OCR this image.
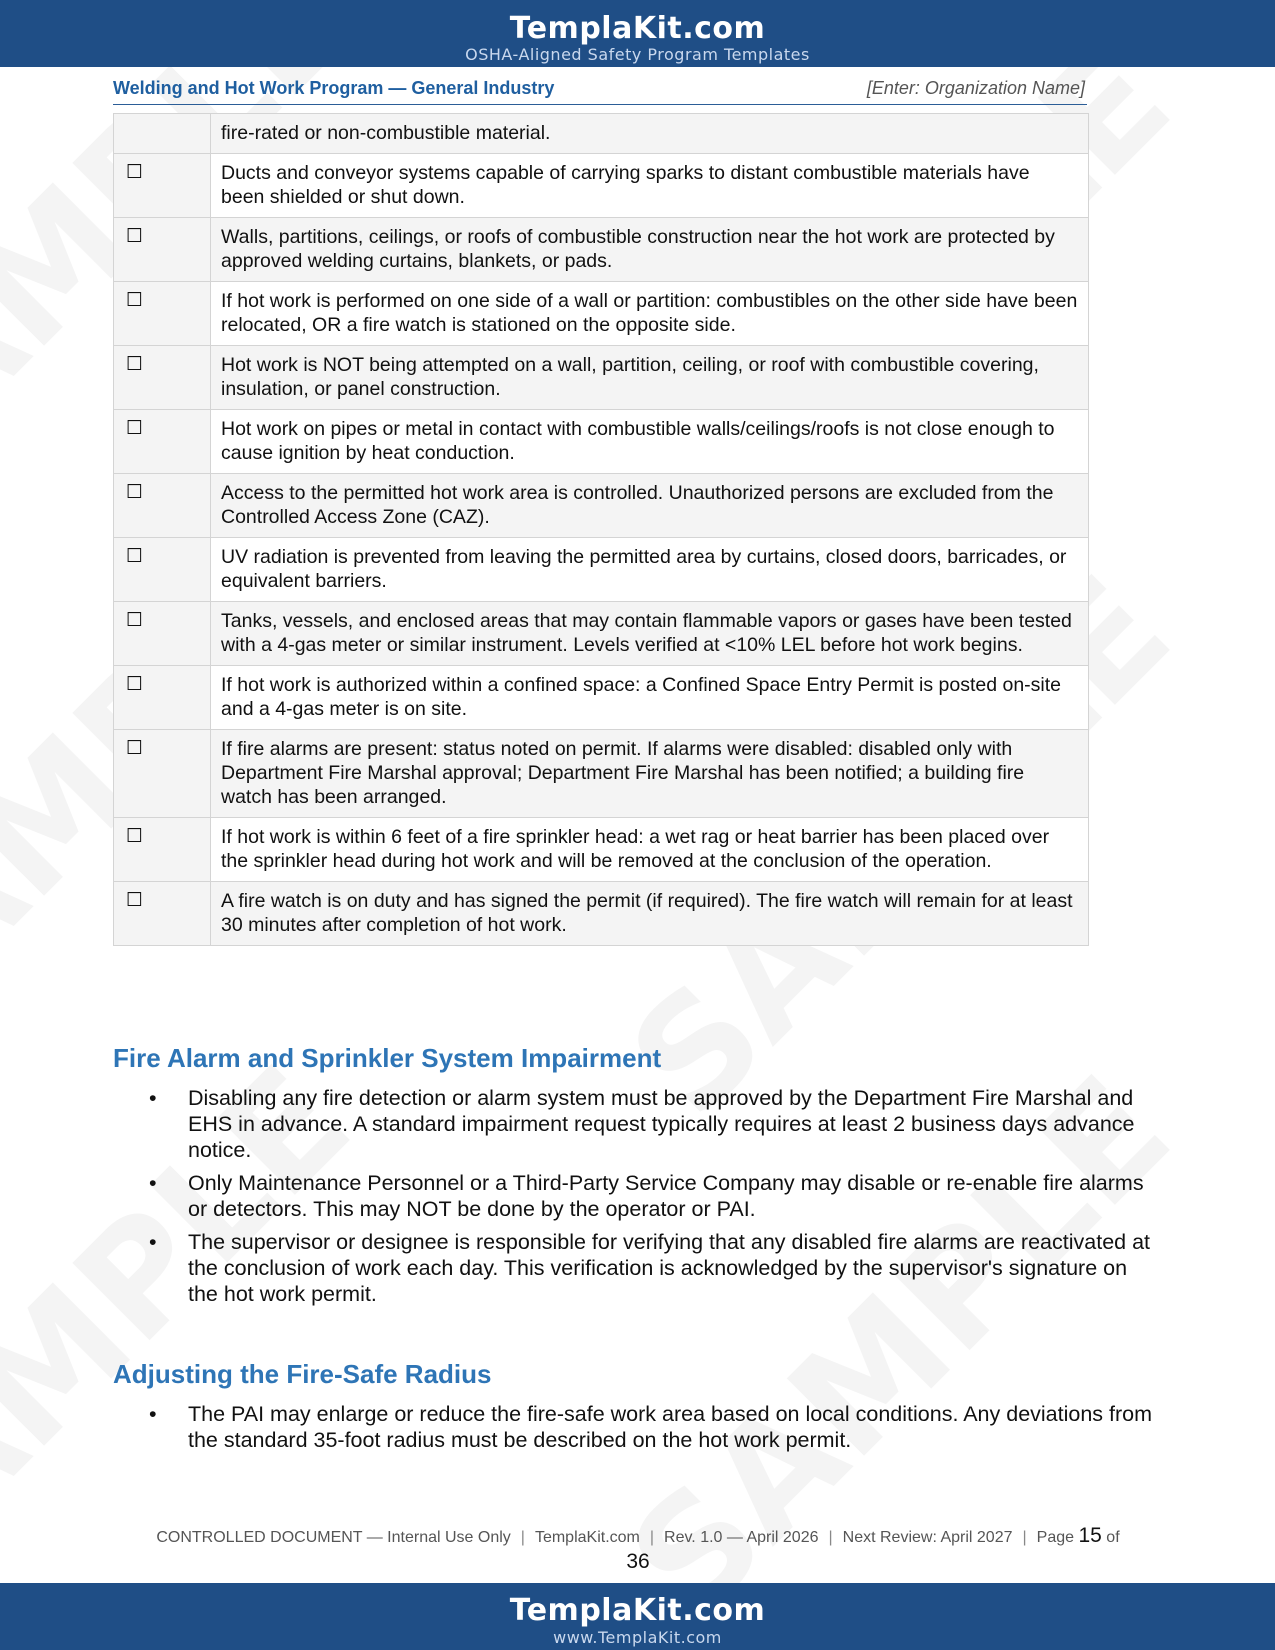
TemplaKit.com
OSHA-Aligned Safety Program Templates
Welding and Hot Work Program — General Industry	[Enter: Organization Name]
	fire-rated or non-combustible material.
☐	Ducts and conveyor systems capable of carrying sparks to distant combustible materials have been shielded or shut down.
☐	Walls, partitions, ceilings, or roofs of combustible construction near the hot work are protected by approved welding curtains, blankets, or pads.
☐	If hot work is performed on one side of a wall or partition: combustibles on the other side have been relocated, OR a fire watch is stationed on the opposite side.
☐	Hot work is NOT being attempted on a wall, partition, ceiling, or roof with combustible covering, insulation, or panel construction.
☐	Hot work on pipes or metal in contact with combustible walls/ceilings/roofs is not close enough to cause ignition by heat conduction.
☐	Access to the permitted hot work area is controlled. Unauthorized persons are excluded from the Controlled Access Zone (CAZ).
☐	UV radiation is prevented from leaving the permitted area by curtains, closed doors, barricades, or equivalent barriers.
☐	Tanks, vessels, and enclosed areas that may contain flammable vapors or gases have been tested with a 4-gas meter or similar instrument. Levels verified at <10% LEL before hot work begins.
☐	If hot work is authorized within a confined space: a Confined Space Entry Permit is posted on-site and a 4-gas meter is on site.
☐	If fire alarms are present: status noted on permit. If alarms were disabled: disabled only with Department Fire Marshal approval; Department Fire Marshal has been notified; a building fire watch has been arranged.
☐	If hot work is within 6 feet of a fire sprinkler head: a wet rag or heat barrier has been placed over the sprinkler head during hot work and will be removed at the conclusion of the operation.
☐	A fire watch is on duty and has signed the permit (if required). The fire watch will remain for at least 30 minutes after completion of hot work.
Fire Alarm and Sprinkler System Impairment
• Disabling any fire detection or alarm system must be approved by the Department Fire Marshal and EHS in advance. A standard impairment request typically requires at least 2 business days advance notice.
• Only Maintenance Personnel or a Third-Party Service Company may disable or re-enable fire alarms or detectors. This may NOT be done by the operator or PAI.
• The supervisor or designee is responsible for verifying that any disabled fire alarms are reactivated at the conclusion of work each day. This verification is acknowledged by the supervisor's signature on the hot work permit.
Adjusting the Fire-Safe Radius
• The PAI may enlarge or reduce the fire-safe work area based on local conditions. Any deviations from the standard 35-foot radius must be described on the hot work permit.
CONTROLLED DOCUMENT — Internal Use Only | TemplaKit.com | Rev. 1.0 — April 2026 | Next Review: April 2027 | Page 15 of
36
TemplaKit.com
www.TemplaKit.com
